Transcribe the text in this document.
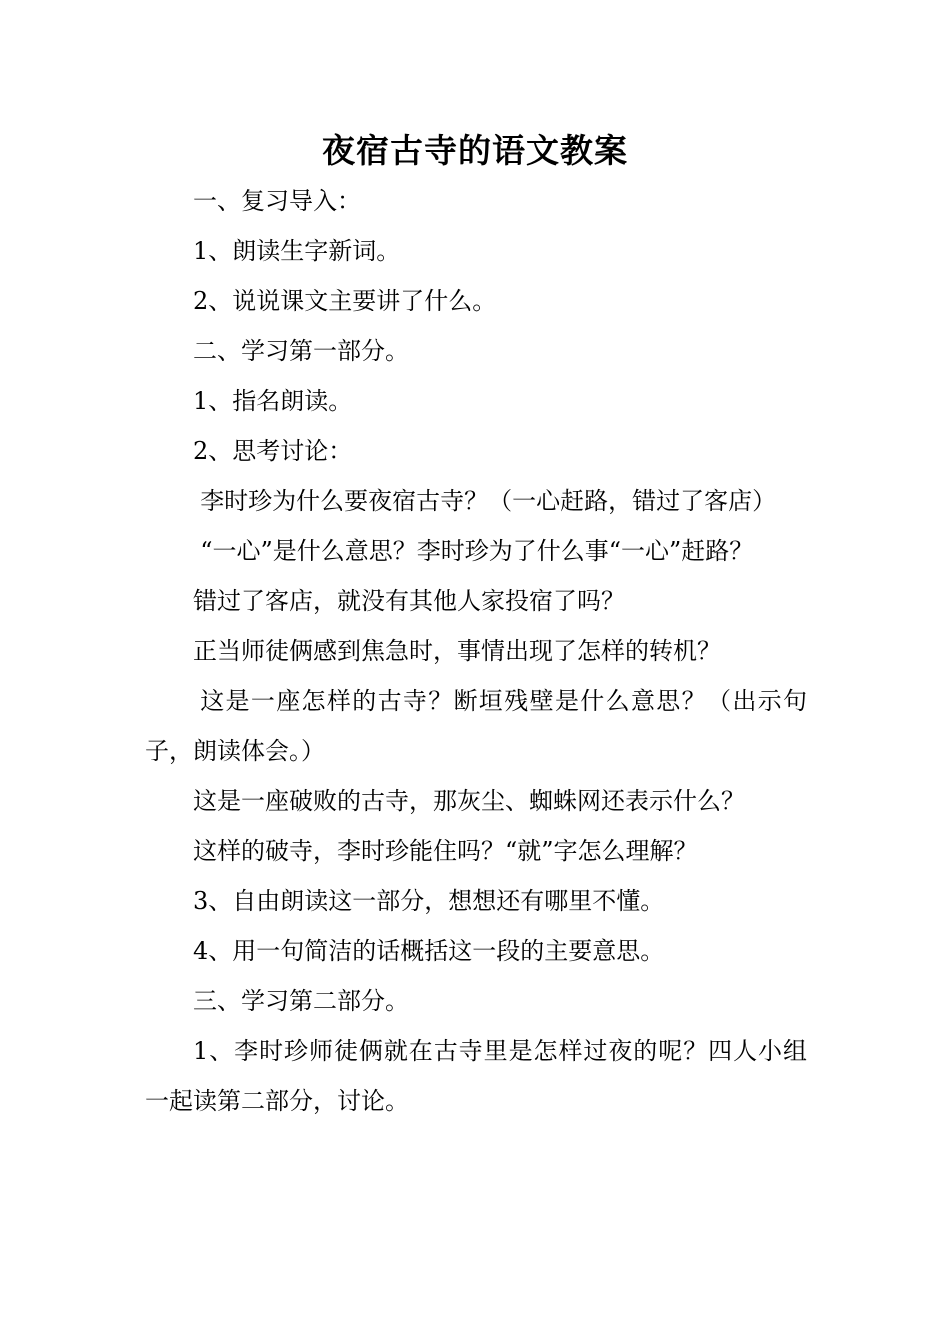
夜宿古寺的语文教案

一、复习导入：

1、朗读生字新词。

2、说说课文主要讲了什么。

二、学习第一部分。

1、指名朗读。

2、思考讨论：

李时珍为什么要夜宿古寺？（一心赶路，错过了客店）

“一心”是什么意思？李时珍为了什么事“一心”赶路？

错过了客店，就没有其他人家投宿了吗？

正当师徒俩感到焦急时，事情出现了怎样的转机？

这是一座怎样的古寺？断垣残壁是什么意思？（出示句子，朗读体会。）

这是一座破败的古寺，那灰尘、蜘蛛网还表示什么？

这样的破寺，李时珍能住吗？“就”字怎么理解？

3、自由朗读这一部分，想想还有哪里不懂。

4、用一句简洁的话概括这一段的主要意思。

三、学习第二部分。

1、李时珍师徒俩就在古寺里是怎样过夜的呢？四人小组一起读第二部分，讨论。
